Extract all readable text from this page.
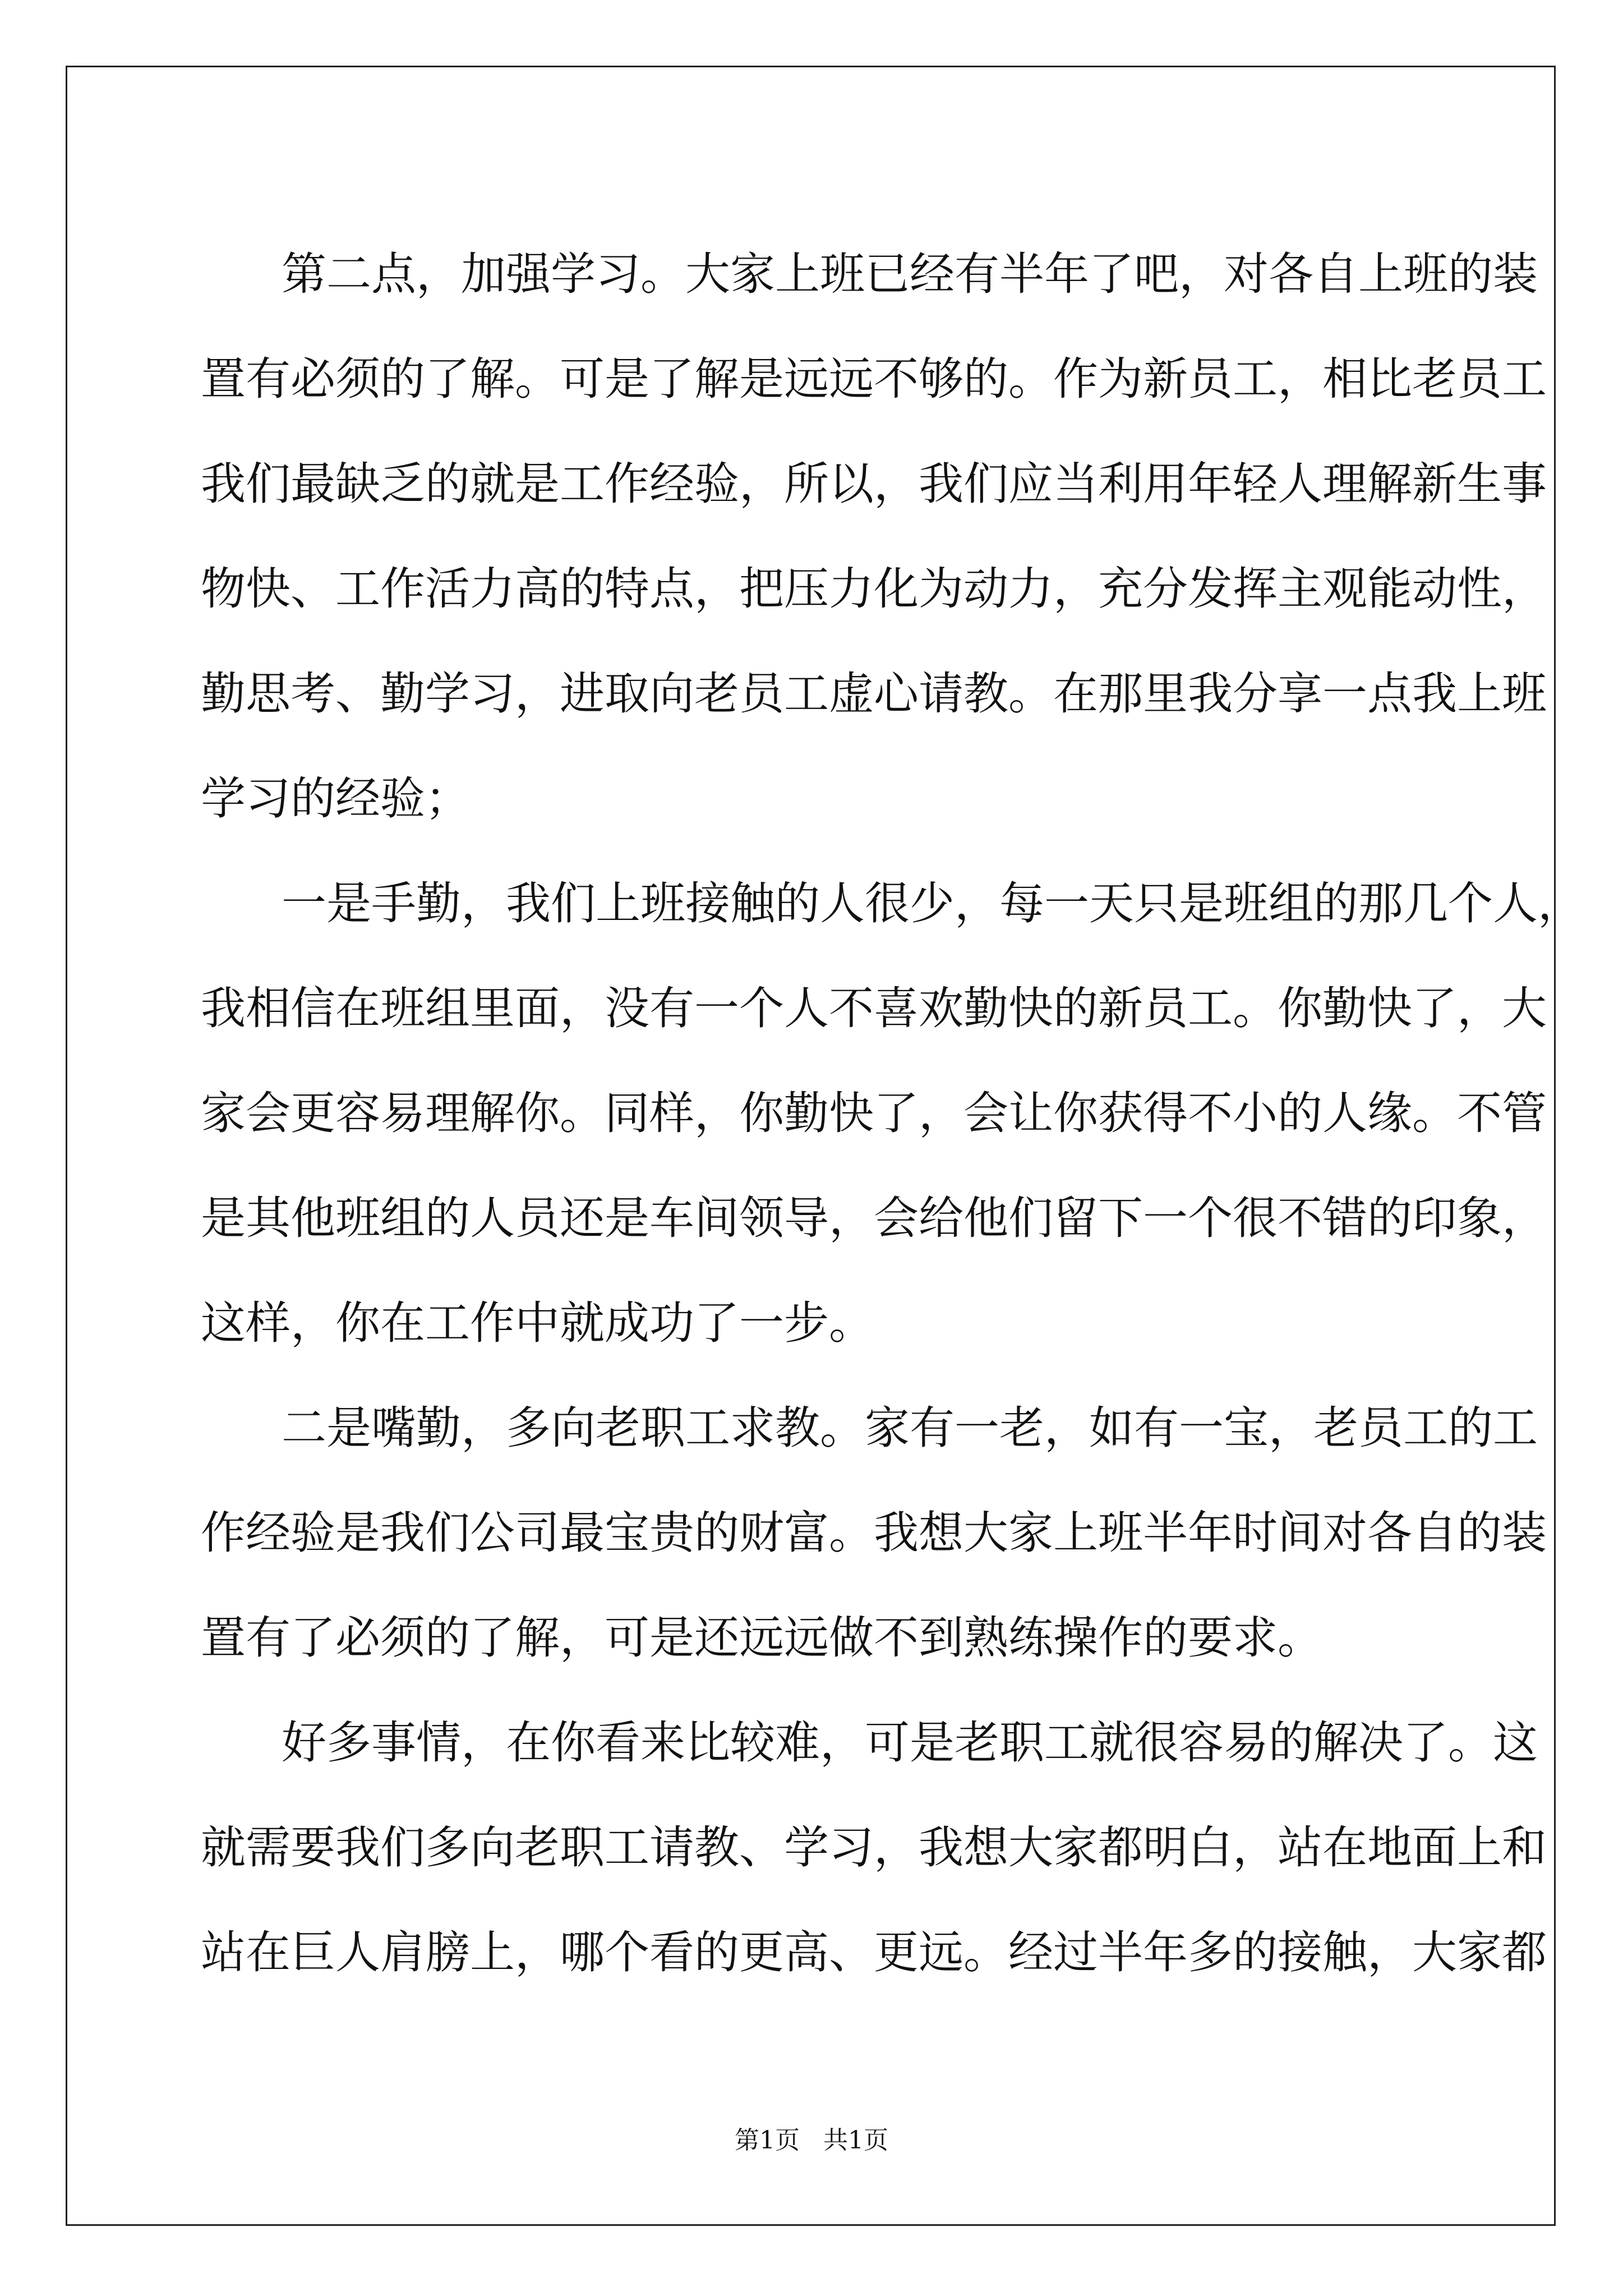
第二点，加强学习。大家上班已经有半年了吧，对各自上班的装
置有必须的了解。可是了解是远远不够的。作为新员工，相比老员工
我们最缺乏的就是工作经验，所以，我们应当利用年轻人理解新生事
物快、工作活力高的特点，把压力化为动力，充分发挥主观能动性，
勤思考、勤学习，进取向老员工虚心请教。在那里我分享一点我上班
学习的经验；
一是手勤，我们上班接触的人很少，每一天只是班组的那几个人，
我相信在班组里面，没有一个人不喜欢勤快的新员工。你勤快了，大
家会更容易理解你。同样，你勤快了，会让你获得不小的人缘。不管
是其他班组的人员还是车间领导，会给他们留下一个很不错的印象，
这样，你在工作中就成功了一步。
二是嘴勤，多向老职工求教。家有一老，如有一宝，老员工的工
作经验是我们公司最宝贵的财富。我想大家上班半年时间对各自的装
置有了必须的了解，可是还远远做不到熟练操作的要求。
好多事情，在你看来比较难，可是老职工就很容易的解决了。这
就需要我们多向老职工请教、学习，我想大家都明白，站在地面上和
站在巨人肩膀上，哪个看的更高、更远。经过半年多的接触，大家都
第1页   共1页
